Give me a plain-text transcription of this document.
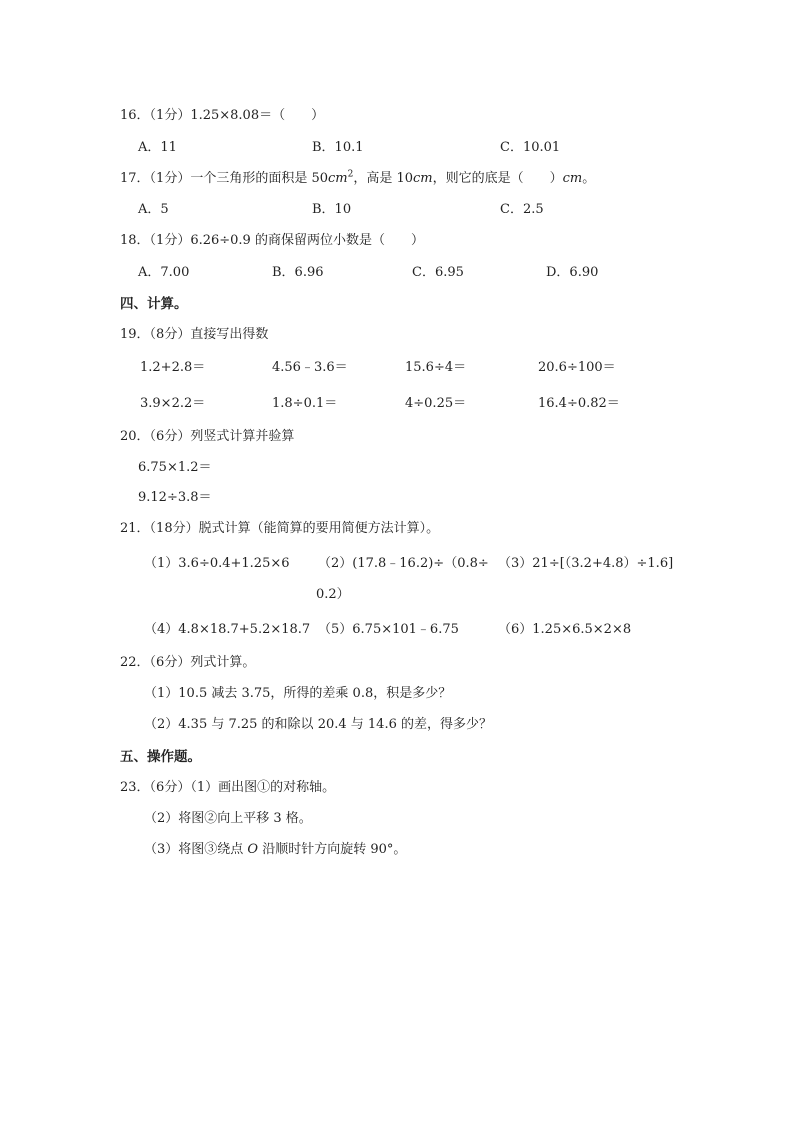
16．（1分）1.25×8.08＝（　　）
A．11	B．10.1	C．10.01
17．（1分）一个三角形的面积是 $50cm^2$，高是 10cm，则它的底是（　　）cm。
A．5	B．10	C．2.5
18．（1分）6.26÷0.9 的商保留两位小数是（　　）
A．7.00	B．6.96	C．6.95	D．6.90
四、计算。
19．（8分）直接写出得数
1.2+2.8＝	4.56﹣3.6＝	15.6÷4＝	20.6÷100＝
3.9×2.2＝	1.8÷0.1＝	4÷0.25＝	16.4÷0.82＝
20．（6分）列竖式计算并验算
6.75×1.2＝
9.12÷3.8＝
21．（18分）脱式计算（能简算的要用简便方法计算）。
（1）3.6÷0.4+1.25×6 （2）(17.8﹣16.2)÷（0.8÷ （3）21÷[（3.2+4.8）÷1.6]
0.2）
（4）4.8×18.7+5.2×18.7 （5）6.75×101﹣6.75	（6）1.25×6.5×2×8
22．（6分）列式计算。
（1）10.5 减去 3.75，所得的差乘 0.8，积是多少？
（2）4.35 与 7.25 的和除以 20.4 与 14.6 的差，得多少？
五、操作题。
23．（6分）（1）画出图①的对称轴。
（2）将图②向上平移 3 格。
（3）将图③绕点 O 沿顺时针方向旋转 90°。
